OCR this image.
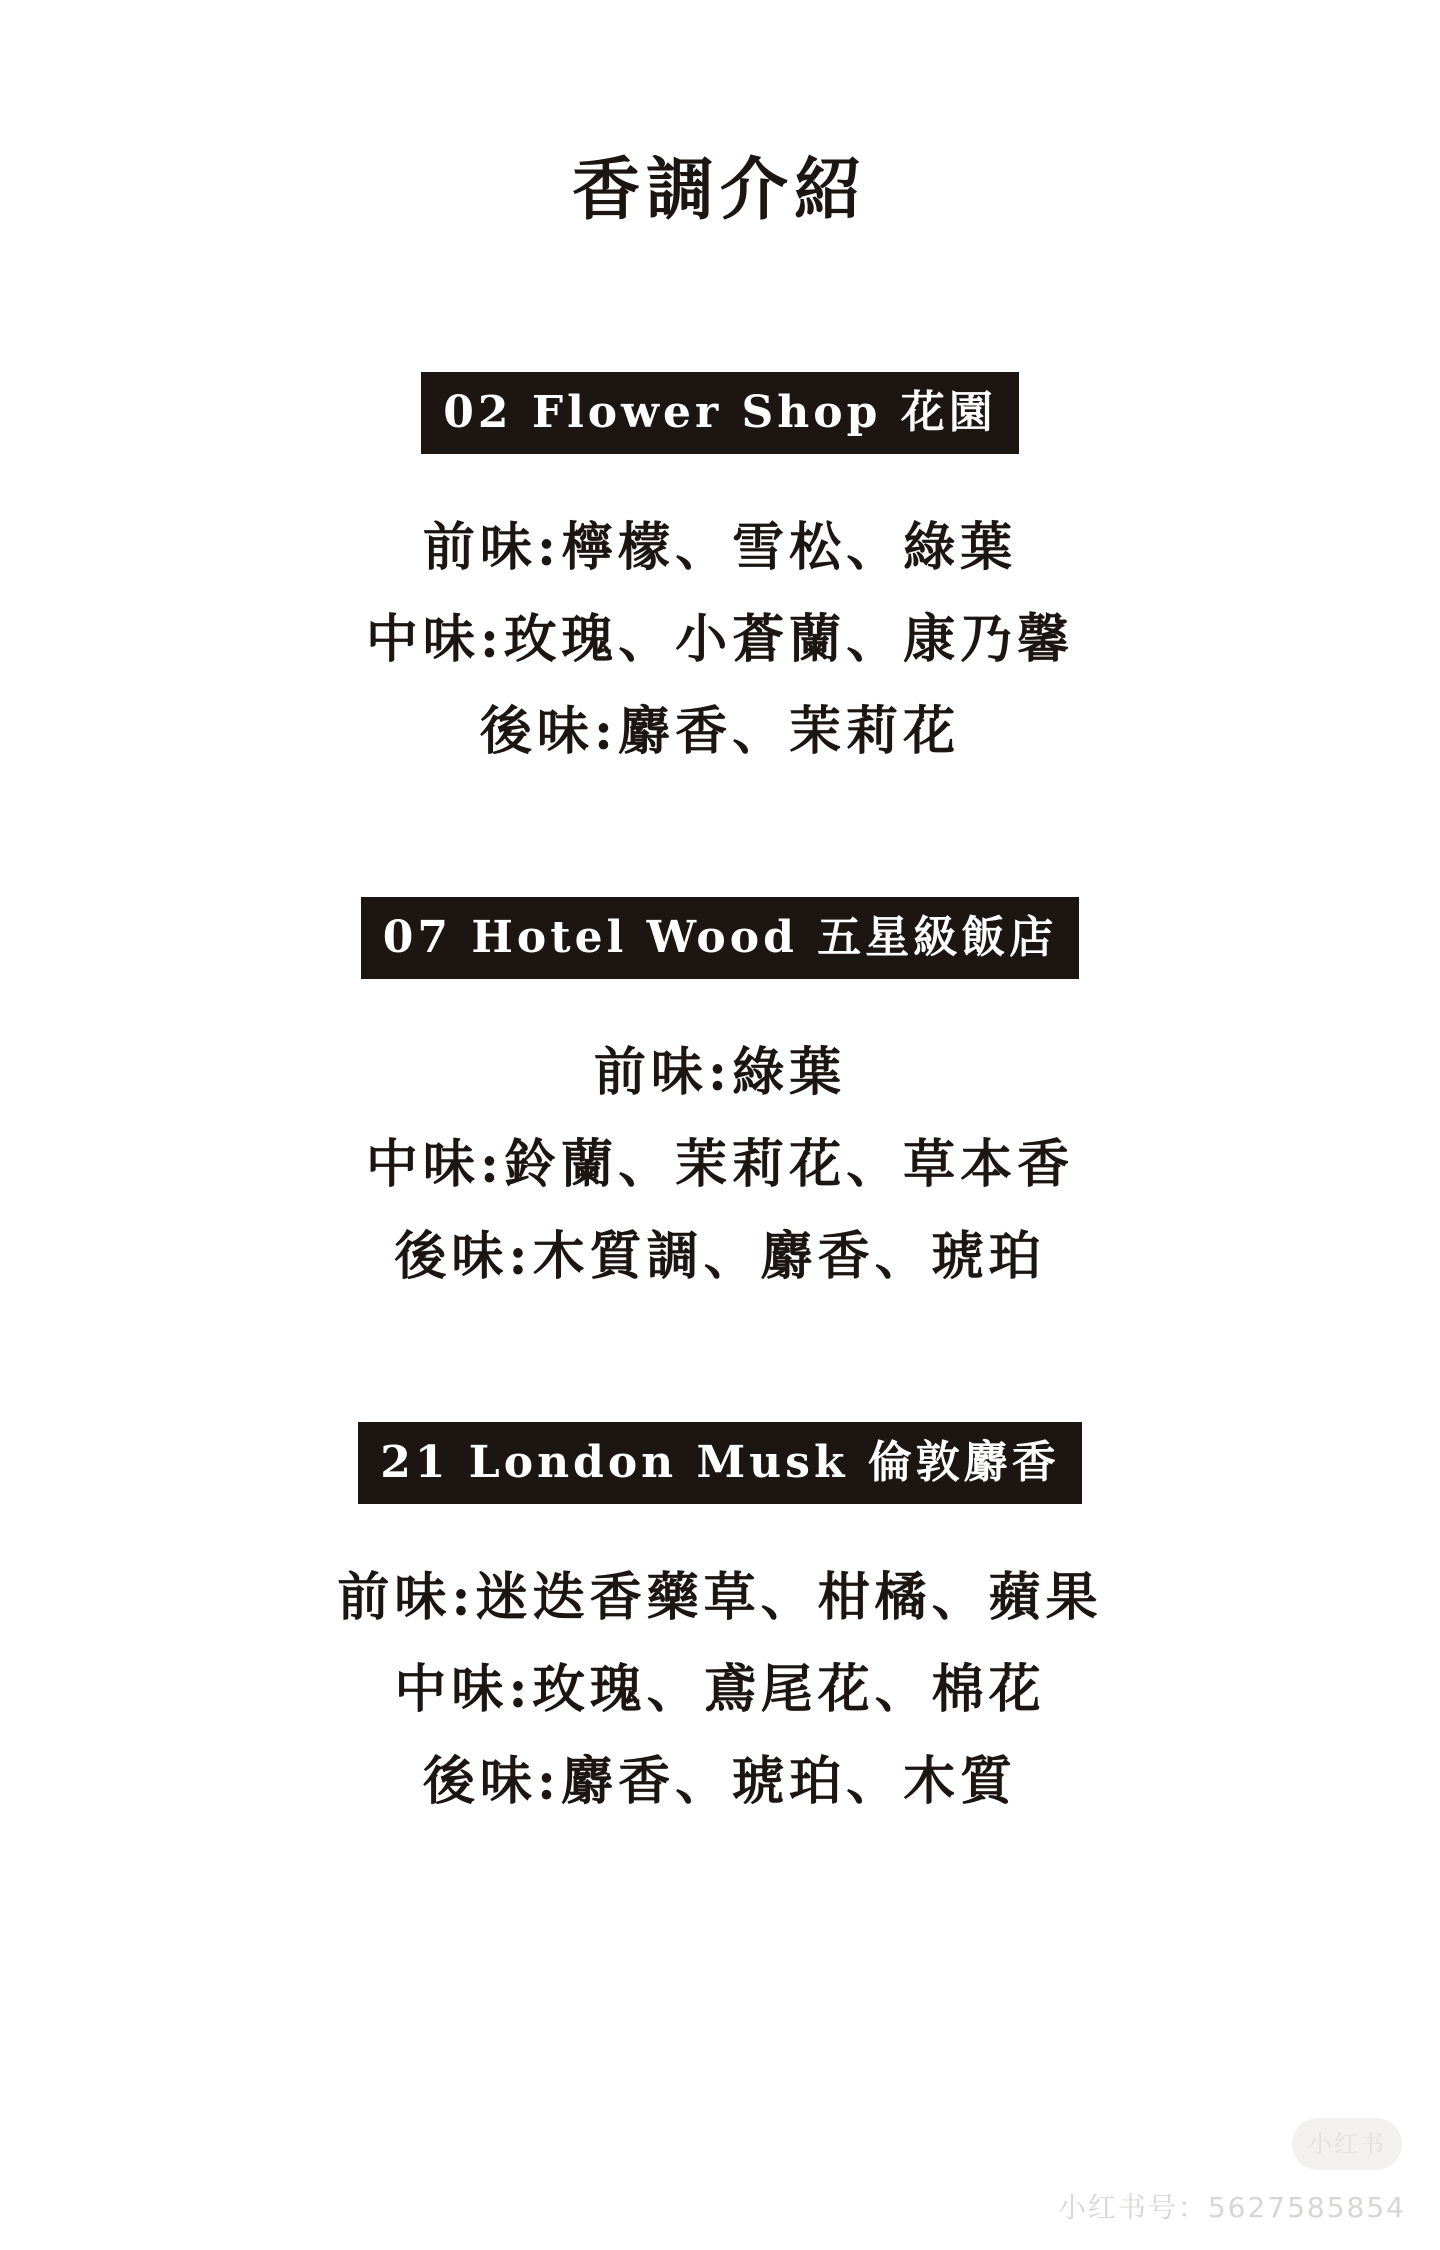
香調介紹
02 Flower Shop 花園
前味:檸檬、雪松、綠葉
中味:玫瑰、小蒼蘭、康乃馨
後味:麝香、茉莉花
07 Hotel Wood 五星級飯店
前味:綠葉
中味:鈴蘭、茉莉花、草本香
後味:木質調、麝香、琥珀
21 London Musk 倫敦麝香
前味:迷迭香藥草、柑橘、蘋果
中味:玫瑰、鳶尾花、棉花
後味:麝香、琥珀、木質
小红书
小红书号：5627585854
